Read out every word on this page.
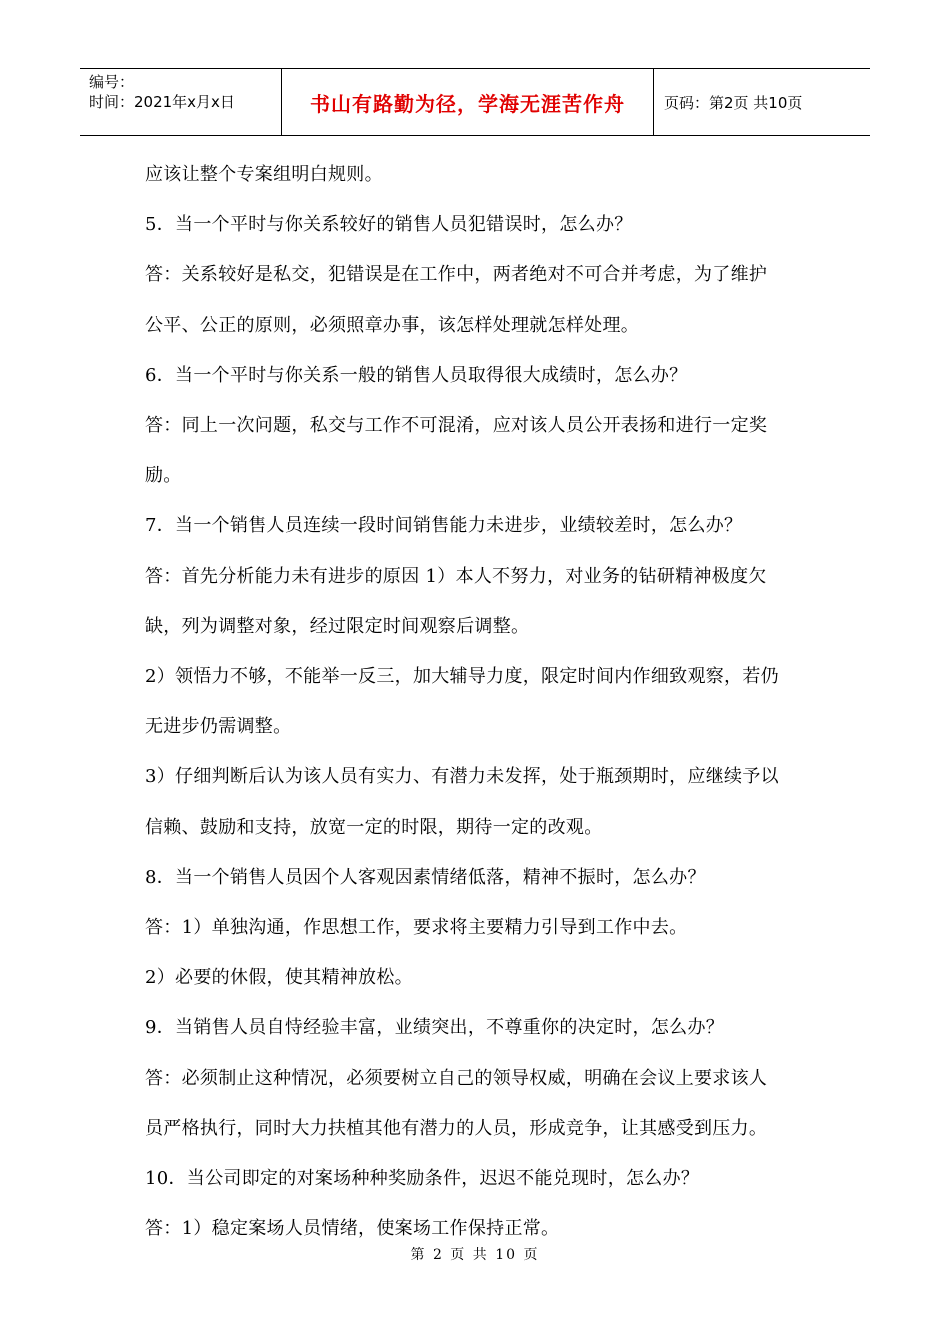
编号：
时间：2021年x月x日	书山有路勤为径，学海无涯苦作舟	页码：第2页 共10页

应该让整个专案组明白规则。

5．当一个平时与你关系较好的销售人员犯错误时，怎么办？

答：关系较好是私交，犯错误是在工作中，两者绝对不可合并考虑，为了维护

公平、公正的原则，必须照章办事，该怎样处理就怎样处理。

6．当一个平时与你关系一般的销售人员取得很大成绩时，怎么办？

答：同上一次问题，私交与工作不可混淆，应对该人员公开表扬和进行一定奖

励。

7．当一个销售人员连续一段时间销售能力未进步，业绩较差时，怎么办？

答：首先分析能力未有进步的原因 1）本人不努力，对业务的钻研精神极度欠

缺，列为调整对象，经过限定时间观察后调整。

2）领悟力不够，不能举一反三，加大辅导力度，限定时间内作细致观察，若仍

无进步仍需调整。

3）仔细判断后认为该人员有实力、有潜力未发挥，处于瓶颈期时，应继续予以

信赖、鼓励和支持，放宽一定的时限，期待一定的改观。

8．当一个销售人员因个人客观因素情绪低落，精神不振时，怎么办？

答：1）单独沟通，作思想工作，要求将主要精力引导到工作中去。

2）必要的休假，使其精神放松。

9．当销售人员自恃经验丰富，业绩突出，不尊重你的决定时，怎么办？

答：必须制止这种情况，必须要树立自己的领导权威，明确在会议上要求该人

员严格执行，同时大力扶植其他有潜力的人员，形成竞争，让其感受到压力。

10．当公司即定的对案场种种奖励条件，迟迟不能兑现时，怎么办？

答：1）稳定案场人员情绪，使案场工作保持正常。

第 2 页 共 10 页
